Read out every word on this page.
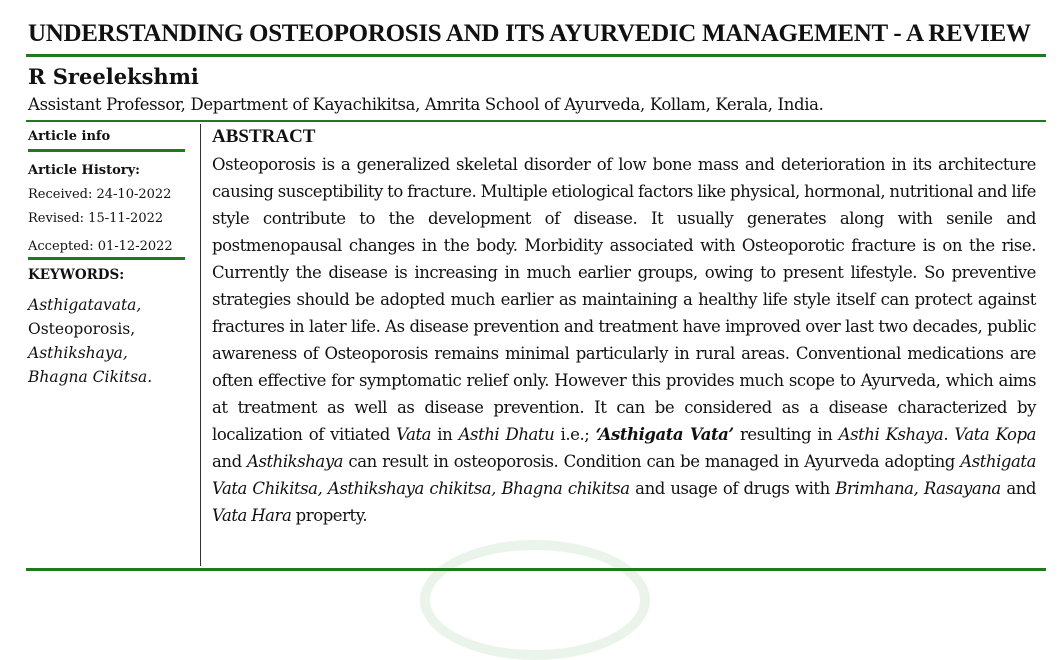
UNDERSTANDING OSTEOPOROSIS AND ITS AYURVEDIC MANAGEMENT - A REVIEW

R Sreelekshmi

Assistant Professor, Department of Kayachikitsa, Amrita School of Ayurveda, Kollam, Kerala, India.

Article info

Article History:
Received: 24-10-2022
Revised: 15-11-2022
Accepted: 01-12-2022

KEYWORDS:

Asthigatavata,
Osteoporosis,
Asthikshaya,
Bhagna Cikitsa.

ABSTRACT

Osteoporosis is a generalized skeletal disorder of low bone mass and deterioration in its architecture causing susceptibility to fracture. Multiple etiological factors like physical, hormonal, nutritional and life style contribute to the development of disease. It usually generates along with senile and postmenopausal changes in the body. Morbidity associated with Osteoporotic fracture is on the rise. Currently the disease is increasing in much earlier groups, owing to present lifestyle. So preventive strategies should be adopted much earlier as maintaining a healthy life style itself can protect against fractures in later life. As disease prevention and treatment have improved over last two decades, public awareness of Osteoporosis remains minimal particularly in rural areas. Conventional medications are often effective for symptomatic relief only. However this provides much scope to Ayurveda, which aims at treatment as well as disease prevention. It can be considered as a disease characterized by localization of vitiated Vata in Asthi Dhatu i.e.; ‘Asthigata Vata’ resulting in Asthi Kshaya. Vata Kopa and Asthikshaya can result in osteoporosis. Condition can be managed in Ayurveda adopting Asthigata Vata Chikitsa, Asthikshaya chikitsa, Bhagna chikitsa and usage of drugs with Brimhana, Rasayana and Vata Hara property.
